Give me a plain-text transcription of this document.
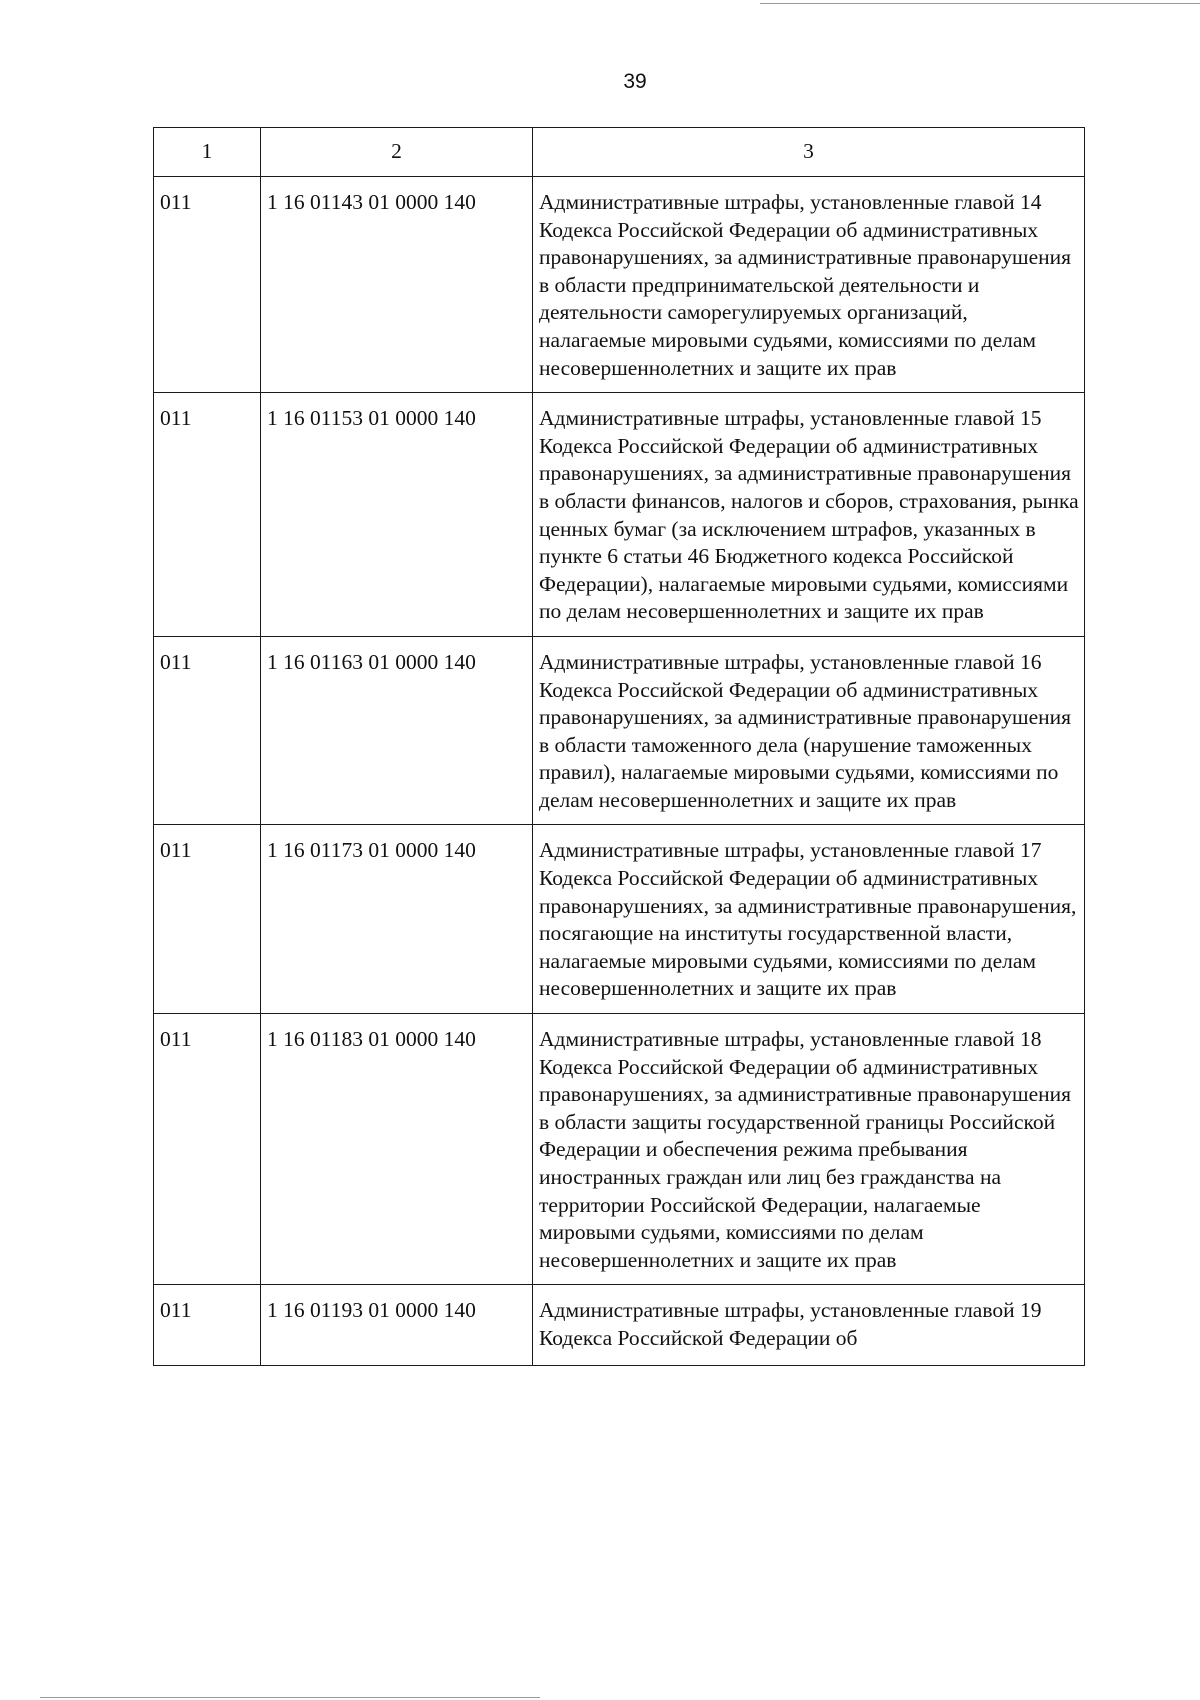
39
1	2	3
011	1 16 01143 01 0000 140	Административные штрафы, установленные главой 14 Кодекса Российской Федерации об административных правонарушениях, за административные правонарушения в области предпринимательской деятельности и деятельности саморегулируемых организаций, налагаемые мировыми судьями, комиссиями по делам несовершеннолетних и защите их прав
011	1 16 01153 01 0000 140	Административные штрафы, установленные главой 15 Кодекса Российской Федерации об административных правонарушениях, за административные правонарушения в области финансов, налогов и сборов, страхования, рынка ценных бумаг (за исключением штрафов, указанных в пункте 6 статьи 46 Бюджетного кодекса Российской Федерации), налагаемые мировыми судьями, комиссиями по делам несовершеннолетних и защите их прав
011	1 16 01163 01 0000 140	Административные штрафы, установленные главой 16 Кодекса Российской Федерации об административных правонарушениях, за административные правонарушения в области таможенного дела (нарушение таможенных правил), налагаемые мировыми судьями, комиссиями по делам несовершеннолетних и защите их прав
011	1 16 01173 01 0000 140	Административные штрафы, установленные главой 17 Кодекса Российской Федерации об административных правонарушениях, за административные правонарушения, посягающие на институты государственной власти, налагаемые мировыми судьями, комиссиями по делам несовершеннолетних и защите их прав
011	1 16 01183 01 0000 140	Административные штрафы, установленные главой 18 Кодекса Российской Федерации об административных правонарушениях, за административные правонарушения в области защиты государственной границы Российской Федерации и обеспечения режима пребывания иностранных граждан или лиц без гражданства на территории Российской Федерации, налагаемые мировыми судьями, комиссиями по делам несовершеннолетних и защите их прав
011	1 16 01193 01 0000 140	Административные штрафы, установленные главой 19 Кодекса Российской Федерации об
